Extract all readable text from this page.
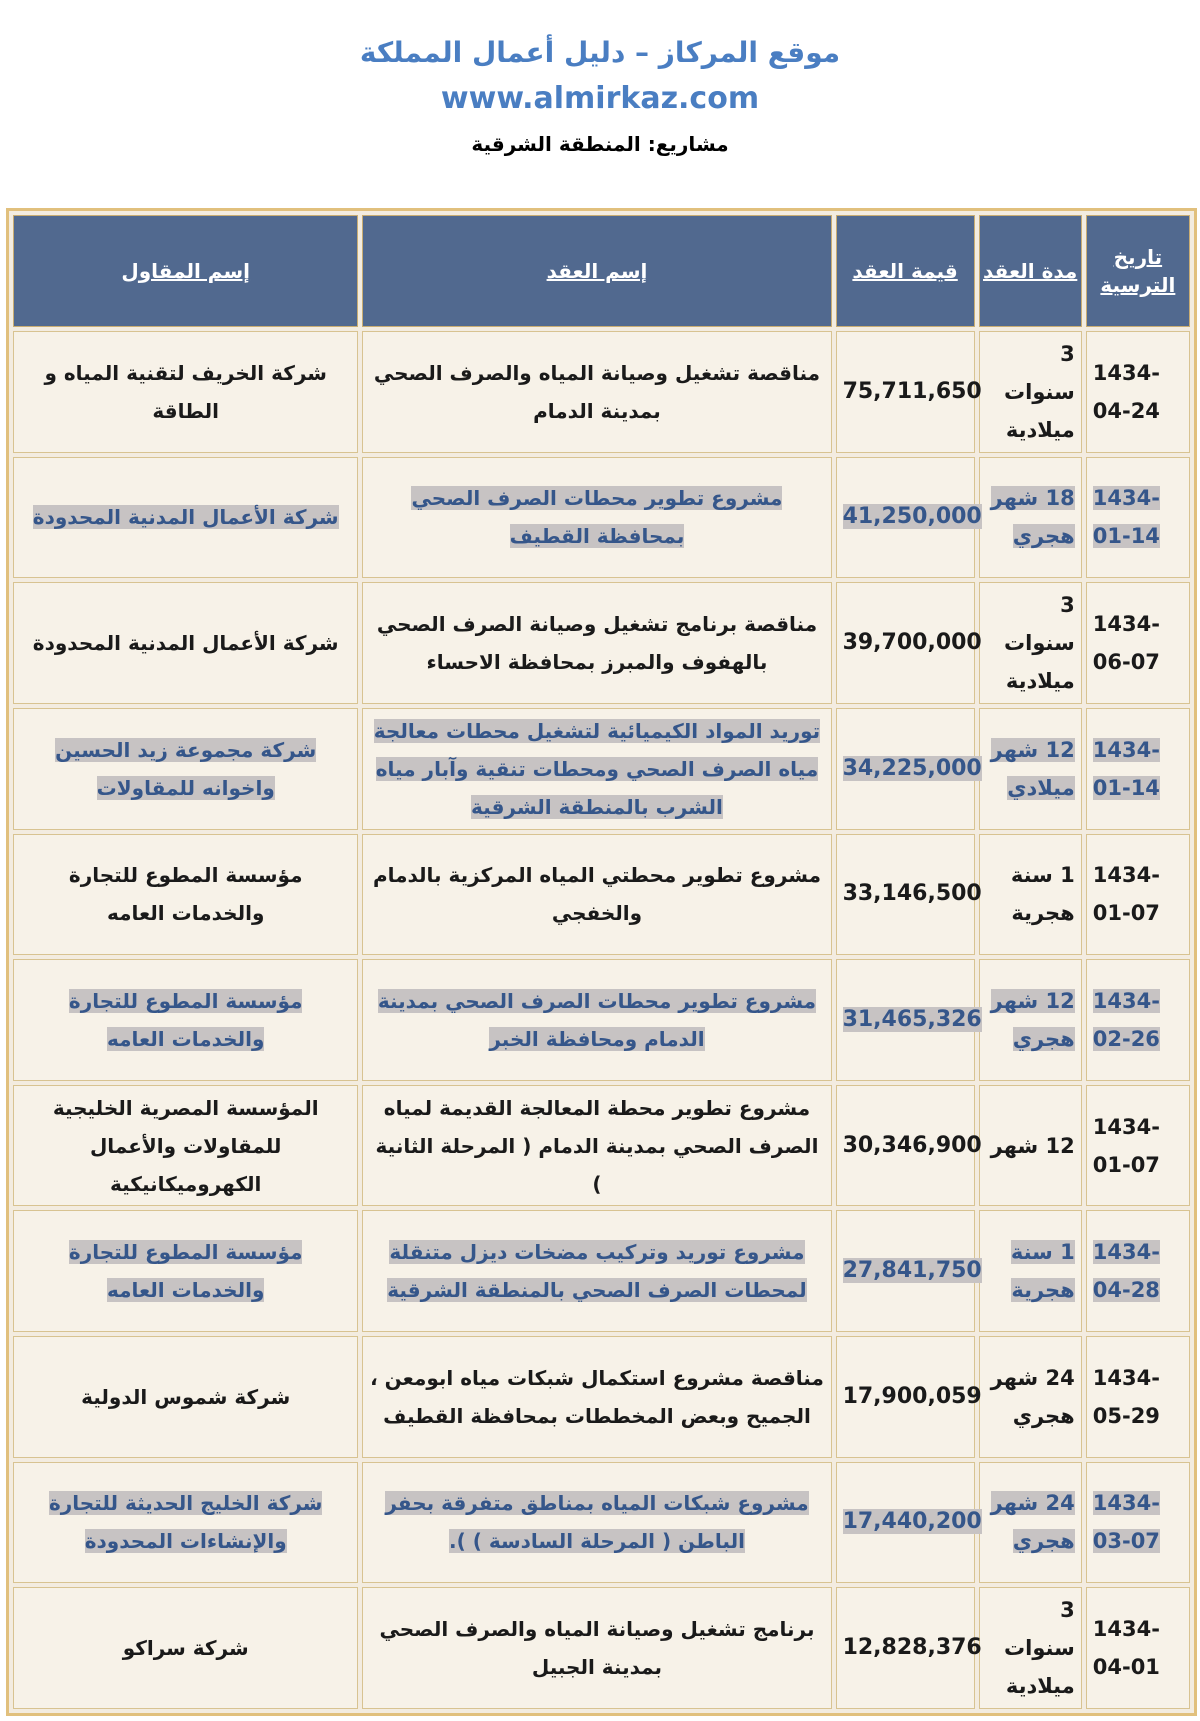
موقع المركاز – دليل أعمال المملكة
www.almirkaz.com
مشاريع: المنطقة الشرقية
تاريخ الترسية	مدة العقد	قيمة العقد	إسم العقد	إسم المقاول
1434-04-24	3 سنوات ميلادية	75,711,650	مناقصة تشغيل وصيانة المياه والصرف الصحي بمدينة الدمام	شركة الخريف لتقنية المياه و الطاقة
1434-01-14	18 شهر هجري	41,250,000	مشروع تطوير محطات الصرف الصحي بمحافظة القطيف	شركة الأعمال المدنية المحدودة
1434-06-07	3 سنوات ميلادية	39,700,000	مناقصة برنامج تشغيل وصيانة الصرف الصحي بالهفوف والمبرز بمحافظة الاحساء	شركة الأعمال المدنية المحدودة
1434-01-14	12 شهر ميلادي	34,225,000	توريد المواد الكيميائية لتشغيل محطات معالجة مياه الصرف الصحي ومحطات تنقية وآبار مياه الشرب بالمنطقة الشرقية	شركة مجموعة زيد الحسين واخوانه للمقاولات
1434-01-07	1 سنة هجرية	33,146,500	مشروع تطوير محطتي المياه المركزية بالدمام والخفجي	مؤسسة المطوع للتجارة والخدمات العامه
1434-02-26	12 شهر هجري	31,465,326	مشروع تطوير محطات الصرف الصحي بمدينة الدمام ومحافظة الخبر	مؤسسة المطوع للتجارة والخدمات العامه
1434-01-07	12 شهر	30,346,900	مشروع تطوير محطة المعالجة القديمة لمياه الصرف الصحي بمدينة الدمام ( المرحلة الثانية )	المؤسسة المصرية الخليجية للمقاولات والأعمال الكهروميكانيكية
1434-04-28	1 سنة هجرية	27,841,750	مشروع توريد وتركيب مضخات ديزل متنقلة لمحطات الصرف الصحي بالمنطقة الشرقية	مؤسسة المطوع للتجارة والخدمات العامه
1434-05-29	24 شهر هجري	17,900,059	مناقصة مشروع استكمال شبكات مياه ابومعن ، الجميح وبعض المخططات بمحافظة القطيف	شركة شموس الدولية
1434-03-07	24 شهر هجري	17,440,200	مشروع شبكات المياه بمناطق متفرقة بحفر الباطن ( المرحلة السادسة ) ).	شركة الخليج الحديثة للتجارة والإنشاءات المحدودة
1434-04-01	3 سنوات ميلادية	12,828,376	برنامج تشغيل وصيانة المياه والصرف الصحي بمدينة الجبيل	شركة سراكو
